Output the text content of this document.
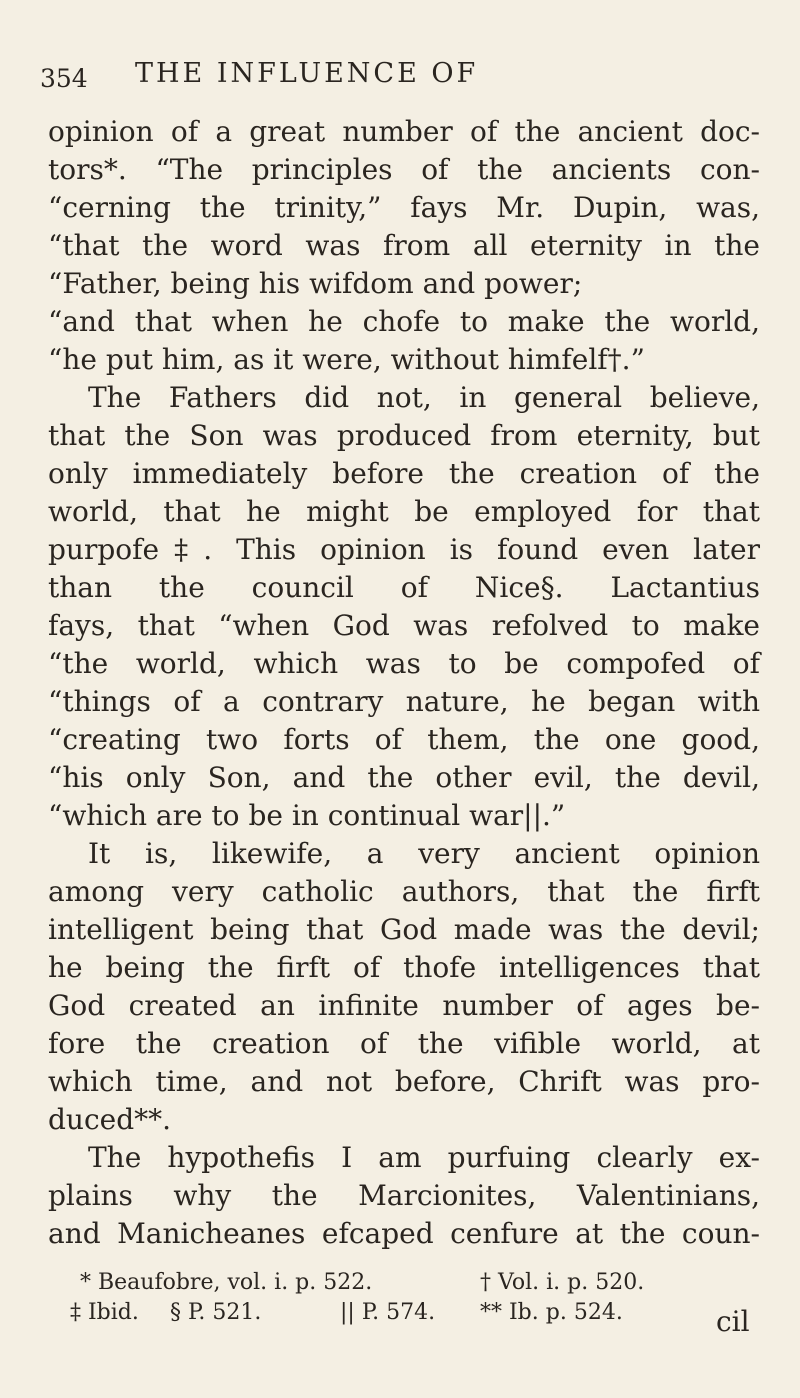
354 THE INFLUENCE OF
opinion of a great number of the ancient doc-
tors*. “The principles of the ancients con-
“cerning the trinity,” fays Mr. Dupin, was,
“that the word was from all eternity in the
“Father, being his wifdom and power;
“and that when he chofe to make the world,
“he put him, as it were, without himfelf†.”
The Fathers did not, in general believe,
that the Son was produced from eternity, but
only immediately before the creation of the
world, that he might be employed for that
purpofe‡. This opinion is found even later
than the council of Nice§. Lactantius
fays, that “when God was refolved to make
“the world, which was to be compofed of
“things of a contrary nature, he began with
“creating two forts of them, the one good,
“his only Son, and the other evil, the devil,
“which are to be in continual war||.”
It is, likewife, a very ancient opinion
among very catholic authors, that the firft
intelligent being that God made was the devil;
he being the firft of thofe intelligences that
God created an infinite number of ages be-
fore the creation of the vifible world, at
which time, and not before, Chrift was pro-
duced**.
The hypothefis I am purfuing clearly ex-
plains why the Marcionites, Valentinians,
and Manicheanes efcaped cenfure at the coun-
* Beaufobre, vol. i. p. 522.	† Vol. i. p. 520.
‡ Ibid. § P. 521.	|| P. 574. ** Ib. p. 524.	cil
